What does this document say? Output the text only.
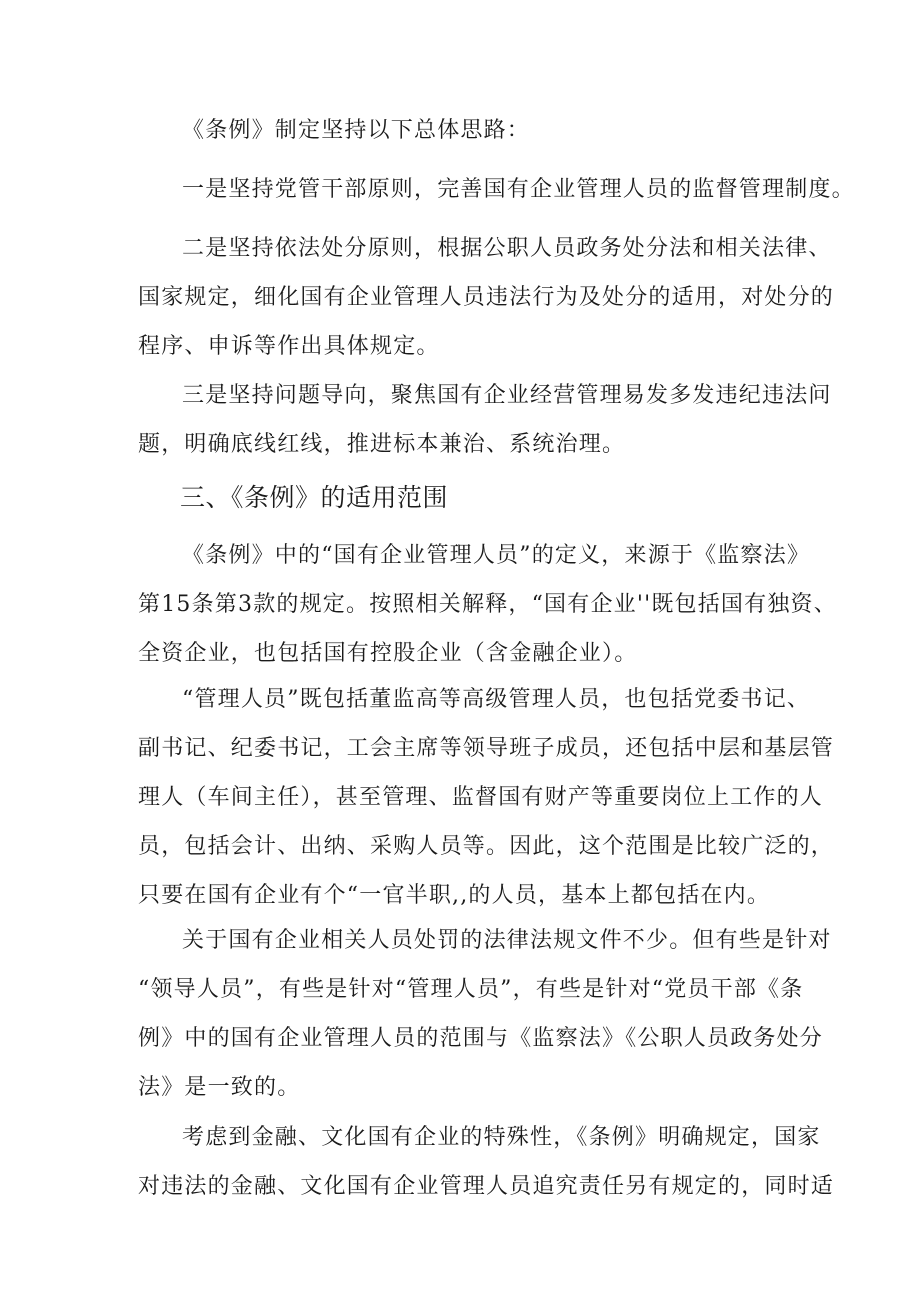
《条例》制定坚持以下总体思路：
一是坚持党管干部原则，完善国有企业管理人员的监督管理制度。
二是坚持依法处分原则，根据公职人员政务处分法和相关法律、
国家规定，细化国有企业管理人员违法行为及处分的适用，对处分的
程序、申诉等作出具体规定。
三是坚持问题导向，聚焦国有企业经营管理易发多发违纪违法问
题，明确底线红线，推进标本兼治、系统治理。
三、《条例》的适用范围
《条例》中的“国有企业管理人员”的定义，来源于《监察法》
第15条第3款的规定。按照相关解释，“国有企业''既包括国有独资、
全资企业，也包括国有控股企业（含金融企业）。
“管理人员”既包括董监高等高级管理人员，也包括党委书记、
副书记、纪委书记，工会主席等领导班子成员，还包括中层和基层管
理人（车间主任），甚至管理、监督国有财产等重要岗位上工作的人
员，包括会计、出纳、采购人员等。因此，这个范围是比较广泛的，
只要在国有企业有个“一官半职,,的人员，基本上都包括在内。
关于国有企业相关人员处罚的法律法规文件不少。但有些是针对
“领导人员”，有些是针对“管理人员”，有些是针对“党员干部《条
例》中的国有企业管理人员的范围与《监察法》《公职人员政务处分
法》是一致的。
考虑到金融、文化国有企业的特殊性，《条例》明确规定，国家
对违法的金融、文化国有企业管理人员追究责任另有规定的，同时适
